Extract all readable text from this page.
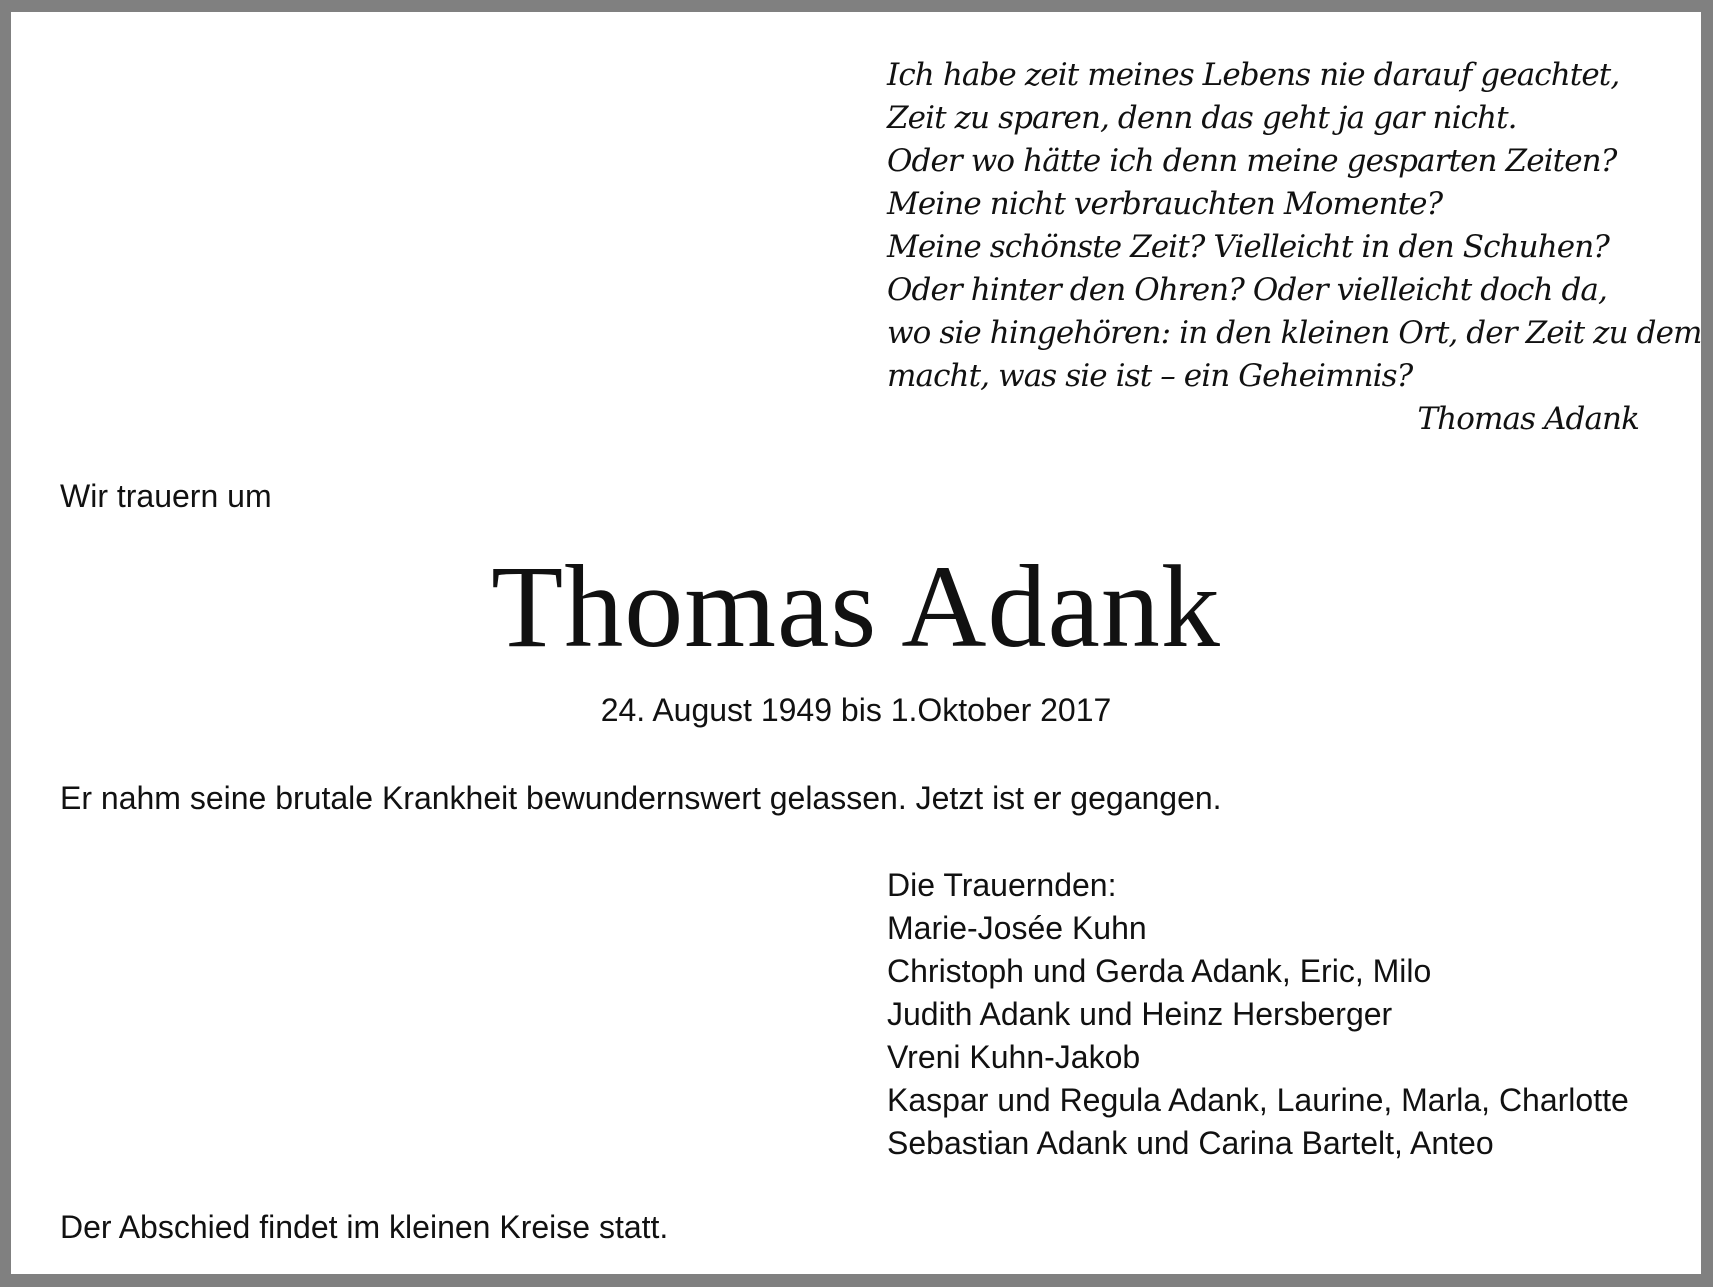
Ich habe zeit meines Lebens nie darauf geachtet,
Zeit zu sparen, denn das geht ja gar nicht.
Oder wo hätte ich denn meine gesparten Zeiten?
Meine nicht verbrauchten Momente?
Meine schönste Zeit? Vielleicht in den Schuhen?
Oder hinter den Ohren? Oder vielleicht doch da,
wo sie hingehören: in den kleinen Ort, der Zeit zu dem
macht, was sie ist – ein Geheimnis?
Thomas Adank
Wir trauern um
Thomas Adank
24. August 1949 bis 1.Oktober 2017
Er nahm seine brutale Krankheit bewundernswert gelassen. Jetzt ist er gegangen.
Die Trauernden:
Marie-Josée Kuhn
Christoph und Gerda Adank, Eric, Milo
Judith Adank und Heinz Hersberger
Vreni Kuhn-Jakob
Kaspar und Regula Adank, Laurine, Marla, Charlotte
Sebastian Adank und Carina Bartelt, Anteo
Der Abschied findet im kleinen Kreise statt.
